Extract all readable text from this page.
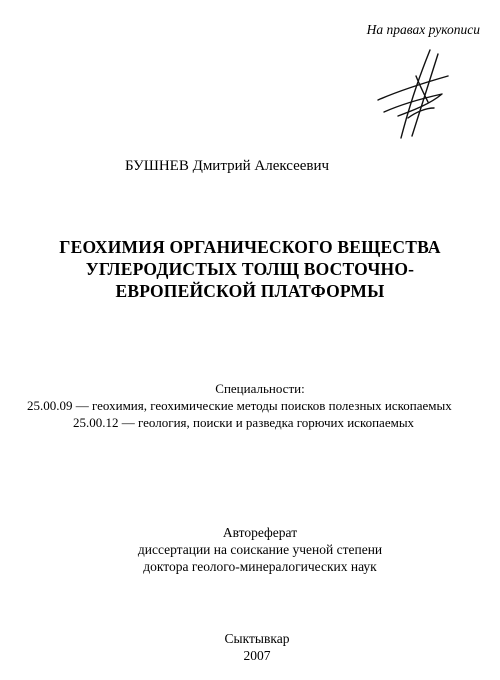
На правах рукописи
БУШНЕВ Дмитрий Алексеевич
ГЕОХИМИЯ ОРГАНИЧЕСКОГО ВЕЩЕСТВА
УГЛЕРОДИСТЫХ ТОЛЩ ВОСТОЧНО-
ЕВРОПЕЙСКОЙ ПЛАТФОРМЫ
Специальности:
25.00.09 — геохимия, геохимические методы поисков полезных ископаемых
25.00.12 — геология, поиски и разведка горючих ископаемых
Автореферат
диссертации на соискание ученой степени
доктора геолого-минералогических наук
Сыктывкар
2007
